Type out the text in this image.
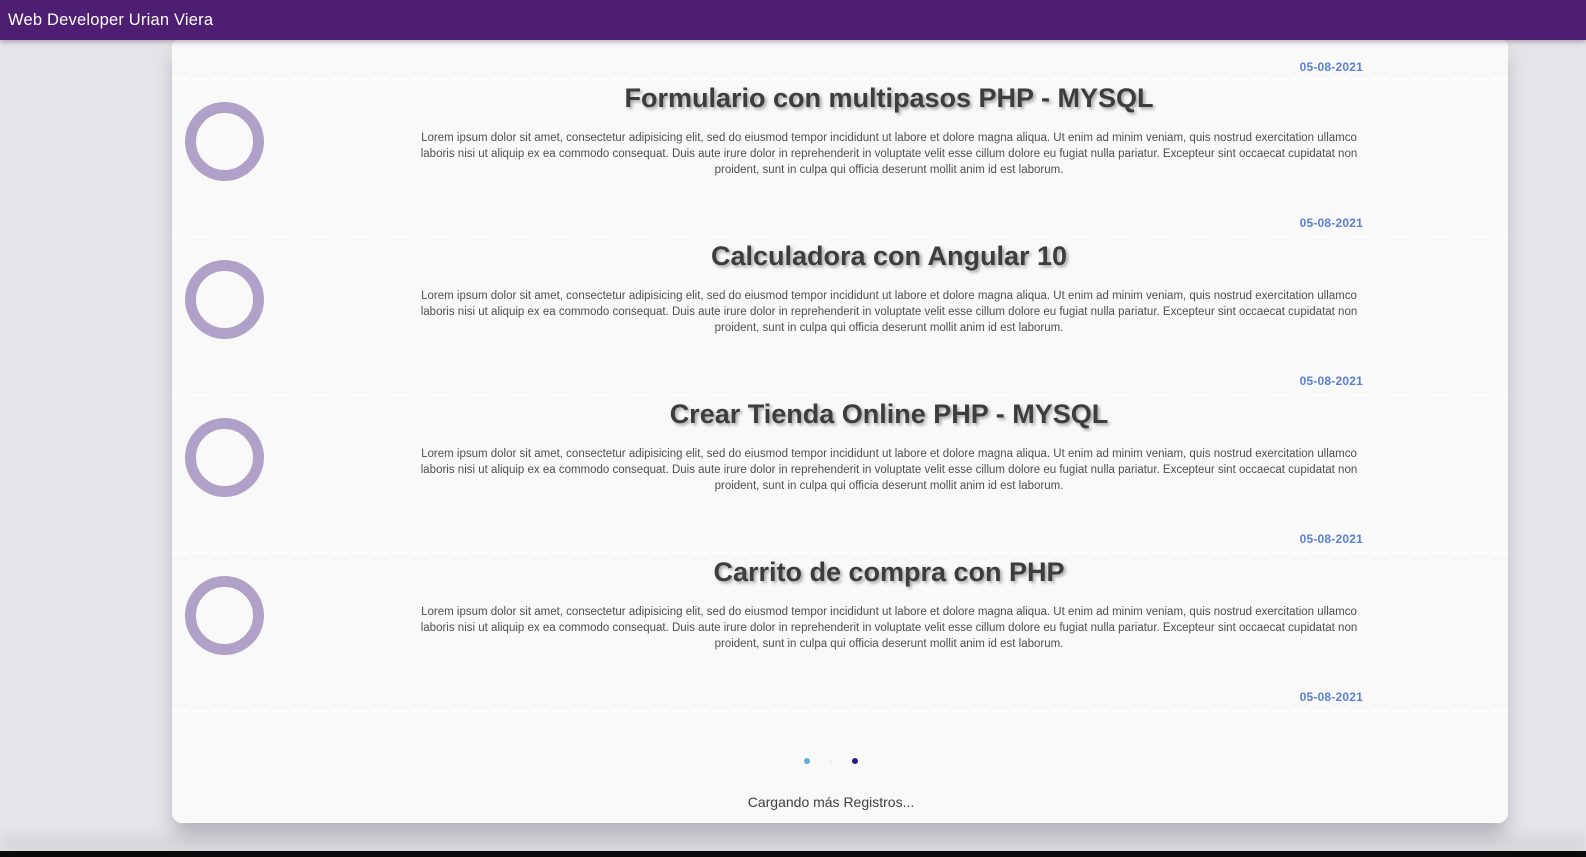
Web Developer Urian Viera
05-08-2021
Formulario con multipasos PHP - MYSQL

Lorem ipsum dolor sit amet, consectetur adipisicing elit, sed do eiusmod tempor incididunt ut labore et dolore magna aliqua. Ut enim ad minim veniam, quis nostrud exercitation ullamco laboris nisi ut aliquip ex ea commodo consequat. Duis aute irure dolor in reprehenderit in voluptate velit esse cillum dolore eu fugiat nulla pariatur. Excepteur sint occaecat cupidatat non proident, sunt in culpa qui officia deserunt mollit anim id est laborum.

05-08-2021
Calculadora con Angular 10

Lorem ipsum dolor sit amet, consectetur adipisicing elit, sed do eiusmod tempor incididunt ut labore et dolore magna aliqua. Ut enim ad minim veniam, quis nostrud exercitation ullamco laboris nisi ut aliquip ex ea commodo consequat. Duis aute irure dolor in reprehenderit in voluptate velit esse cillum dolore eu fugiat nulla pariatur. Excepteur sint occaecat cupidatat non proident, sunt in culpa qui officia deserunt mollit anim id est laborum.

05-08-2021
Crear Tienda Online PHP - MYSQL

Lorem ipsum dolor sit amet, consectetur adipisicing elit, sed do eiusmod tempor incididunt ut labore et dolore magna aliqua. Ut enim ad minim veniam, quis nostrud exercitation ullamco laboris nisi ut aliquip ex ea commodo consequat. Duis aute irure dolor in reprehenderit in voluptate velit esse cillum dolore eu fugiat nulla pariatur. Excepteur sint occaecat cupidatat non proident, sunt in culpa qui officia deserunt mollit anim id est laborum.

05-08-2021
Carrito de compra con PHP

Lorem ipsum dolor sit amet, consectetur adipisicing elit, sed do eiusmod tempor incididunt ut labore et dolore magna aliqua. Ut enim ad minim veniam, quis nostrud exercitation ullamco laboris nisi ut aliquip ex ea commodo consequat. Duis aute irure dolor in reprehenderit in voluptate velit esse cillum dolore eu fugiat nulla pariatur. Excepteur sint occaecat cupidatat non proident, sunt in culpa qui officia deserunt mollit anim id est laborum.

05-08-2021
Cargando más Registros...
